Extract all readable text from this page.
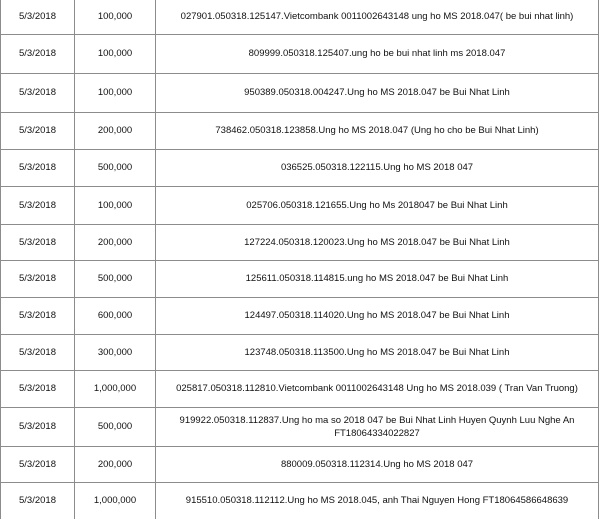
5/3/2018	100,000	027901.050318.125147.Vietcombank 0011002643148 ung ho MS 2018.047( be bui nhat linh)
5/3/2018	100,000	809999.050318.125407.ung ho be bui nhat linh ms 2018.047
5/3/2018	100,000	950389.050318.004247.Ung ho MS 2018.047 be Bui Nhat Linh
5/3/2018	200,000	738462.050318.123858.Ung ho MS 2018.047 (Ung ho cho be Bui Nhat Linh)
5/3/2018	500,000	036525.050318.122115.Ung ho MS 2018 047
5/3/2018	100,000	025706.050318.121655.Ung ho Ms 2018047 be Bui Nhat Linh
5/3/2018	200,000	127224.050318.120023.Ung ho MS 2018.047 be Bui Nhat Linh
5/3/2018	500,000	125611.050318.114815.ung ho MS 2018.047 be Bui Nhat Linh
5/3/2018	600,000	124497.050318.114020.Ung ho MS 2018.047 be Bui Nhat Linh
5/3/2018	300,000	123748.050318.113500.Ung ho MS 2018.047 be Bui Nhat Linh
5/3/2018	1,000,000	025817.050318.112810.Vietcombank 0011002643148 Ung ho MS 2018.039 ( Tran Van Truong)
5/3/2018	500,000	919922.050318.112837.Ung ho ma so 2018 047 be Bui Nhat Linh Huyen Quynh Luu Nghe An FT18064334022827
5/3/2018	200,000	880009.050318.112314.Ung ho MS 2018 047
5/3/2018	1,000,000	915510.050318.112112.Ung ho MS 2018.045, anh Thai Nguyen Hong FT18064586648639
